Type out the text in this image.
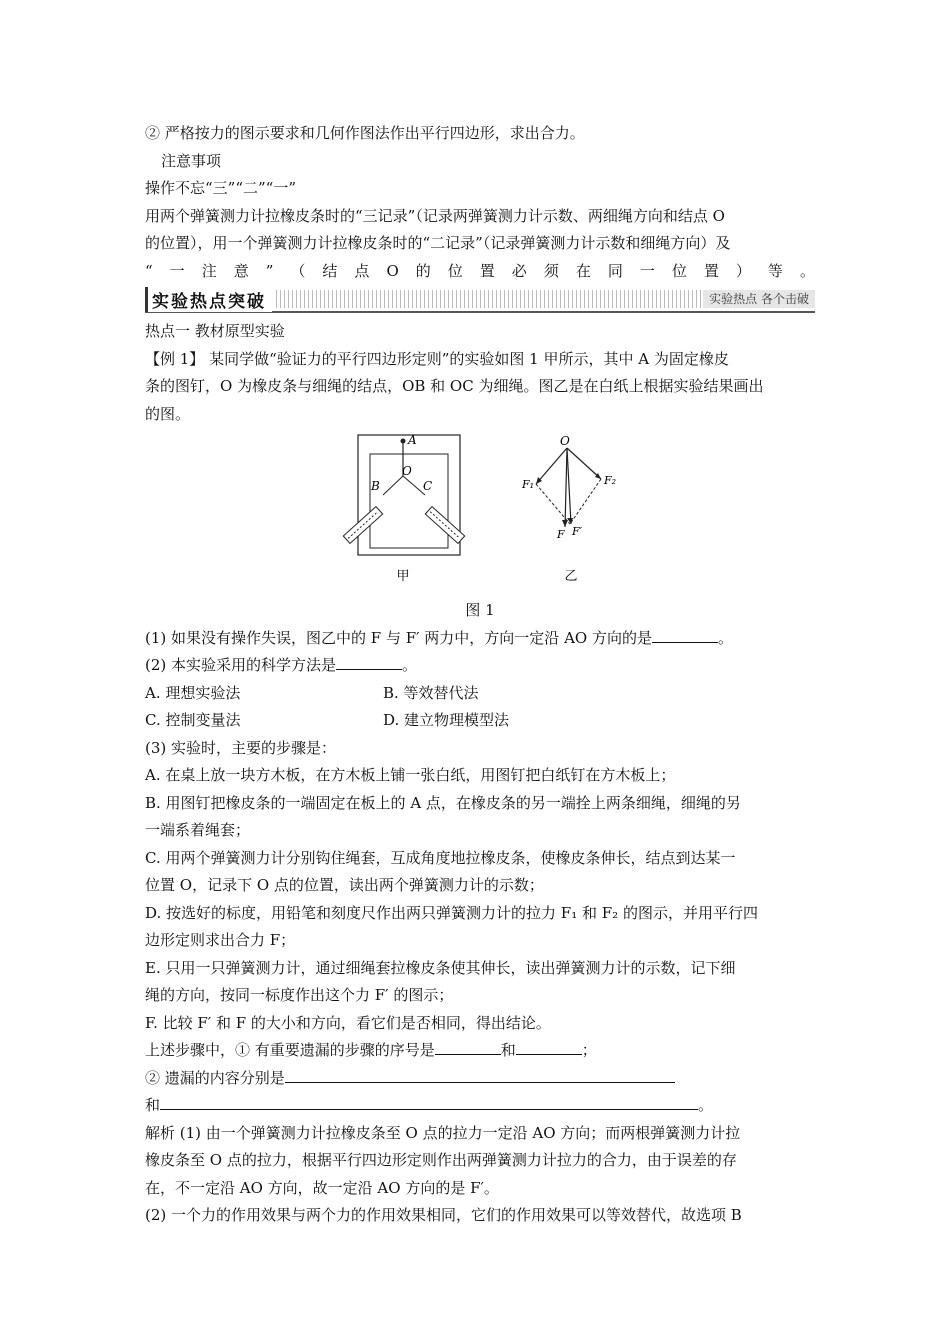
② 严格按力的图示要求和几何作图法作出平行四边形，求出合力。
注意事项
操作不忘“三”“二”“一”
用两个弹簧测力计拉橡皮条时的“三记录”（记录两弹簧测力计示数、两细绳方向和结点 O
的位置），用一个弹簧测力计拉橡皮条时的“二记录”（记录弹簧测力计示数和细绳方向）及
“ 一 注 意 ” （ 结 点 O 的 位 置 必 须 在 同 一 位 置 ） 等 。
实验热点突破	实验热点 各个击破
热点一 教材原型实验
【例 1】 某同学做“验证力的平行四边形定则”的实验如图 1 甲所示，其中 A 为固定橡皮
条的图钉，O 为橡皮条与细绳的结点，OB 和 OC 为细绳。图乙是在白纸上根据实验结果画出
的图。
A
O
B	C
甲
O
F₁	F₂
F F′
乙
图 1
(1) 如果没有操作失误，图乙中的 F 与 F′ 两力中，方向一定沿 AO 方向的是	。
(2) 本实验采用的科学方法是	。
A. 理想实验法	B. 等效替代法
C. 控制变量法	D. 建立物理模型法
(3) 实验时，主要的步骤是：
A. 在桌上放一块方木板，在方木板上铺一张白纸，用图钉把白纸钉在方木板上；
B. 用图钉把橡皮条的一端固定在板上的 A 点，在橡皮条的另一端拴上两条细绳，细绳的另
一端系着绳套；
C. 用两个弹簧测力计分别钩住绳套，互成角度地拉橡皮条，使橡皮条伸长，结点到达某一
位置 O，记录下 O 点的位置，读出两个弹簧测力计的示数；
D. 按选好的标度，用铅笔和刻度尺作出两只弹簧测力计的拉力 F₁ 和 F₂ 的图示，并用平行四
边形定则求出合力 F；
E. 只用一只弹簧测力计，通过细绳套拉橡皮条使其伸长，读出弹簧测力计的示数，记下细
绳的方向，按同一标度作出这个力 F′ 的图示；
F. 比较 F′ 和 F 的大小和方向，看它们是否相同，得出结论。
上述步骤中，① 有重要遗漏的步骤的序号是	和	；
② 遗漏的内容分别是
和	。
解析 (1) 由一个弹簧测力计拉橡皮条至 O 点的拉力一定沿 AO 方向；而两根弹簧测力计拉
橡皮条至 O 点的拉力，根据平行四边形定则作出两弹簧测力计拉力的合力，由于误差的存
在，不一定沿 AO 方向，故一定沿 AO 方向的是 F′。
(2) 一个力的作用效果与两个力的作用效果相同，它们的作用效果可以等效替代，故选项 B
